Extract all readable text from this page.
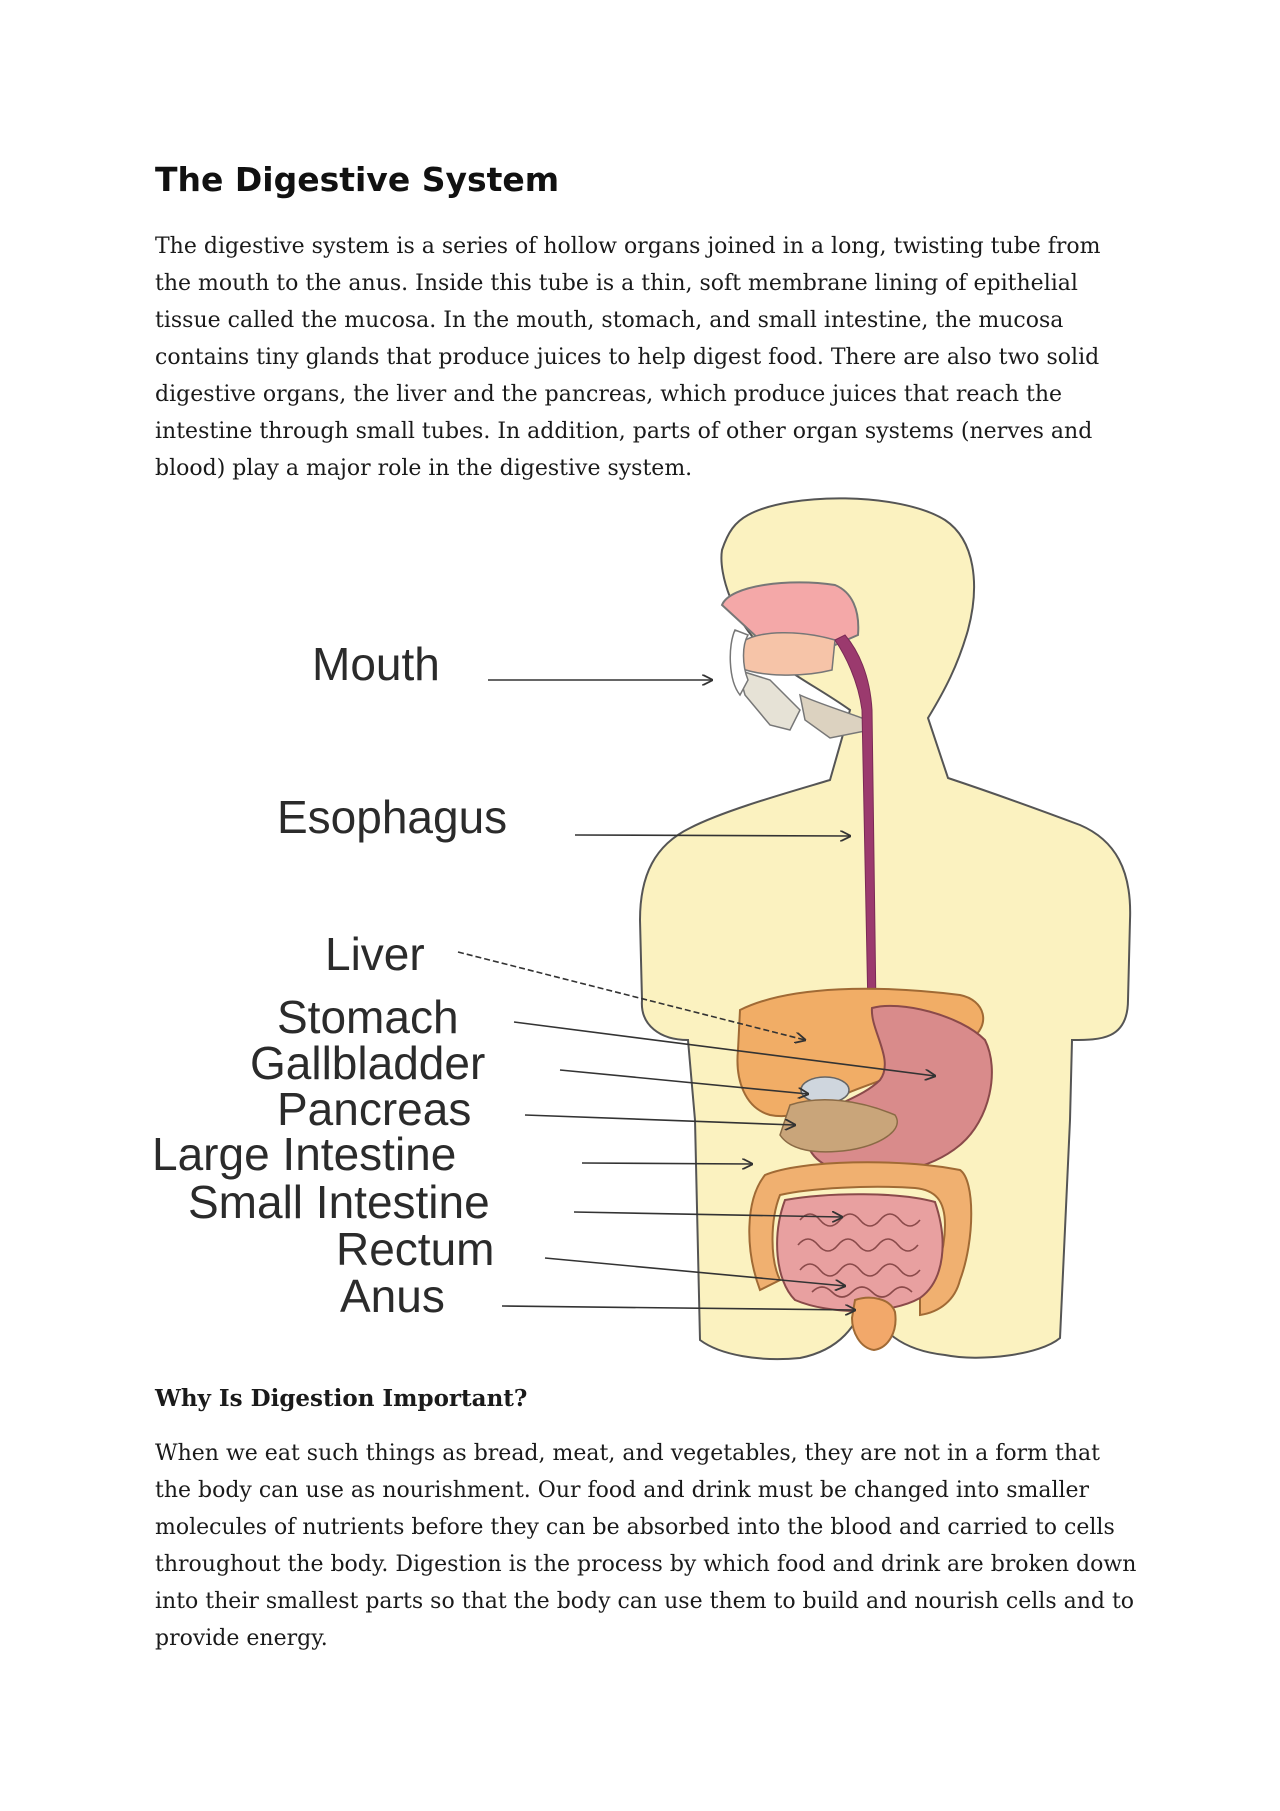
The Digestive System

The digestive system is a series of hollow organs joined in a long, twisting tube from the mouth to the anus. Inside this tube is a thin, soft membrane lining of epithelial tissue called the mucosa. In the mouth, stomach, and small intestine, the mucosa contains tiny glands that produce juices to help digest food. There are also two solid digestive organs, the liver and the pancreas, which produce juices that reach the intestine through small tubes. In addition, parts of other organ systems (nerves and blood) play a major role in the digestive system.

Mouth
Esophagus
Liver
Stomach
Gallbladder
Pancreas
Large Intestine
Small Intestine
Rectum
Anus
Why Is Digestion Important?

When we eat such things as bread, meat, and vegetables, they are not in a form that the body can use as nourishment. Our food and drink must be changed into smaller molecules of nutrients before they can be absorbed into the blood and carried to cells throughout the body. Digestion is the process by which food and drink are broken down into their smallest parts so that the body can use them to build and nourish cells and to provide energy.
